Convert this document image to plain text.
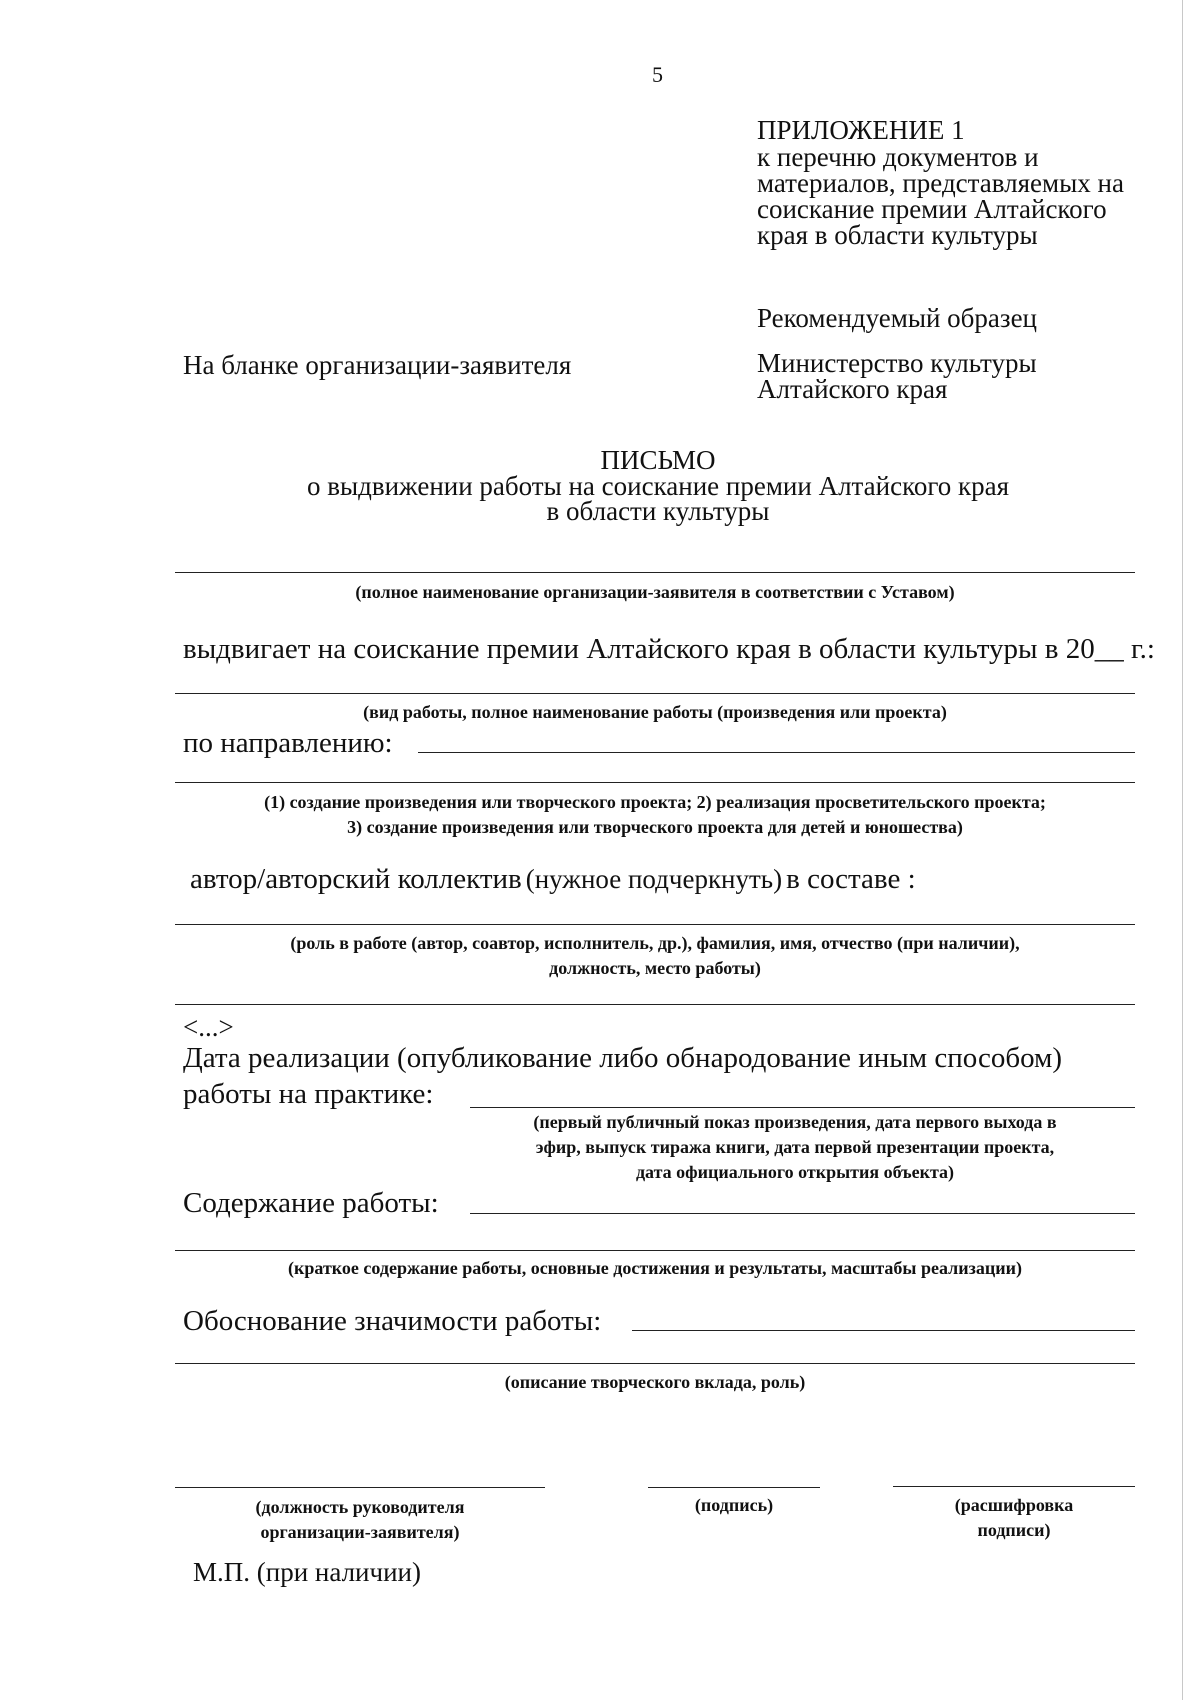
5
ПРИЛОЖЕНИЕ 1
к перечню документов и
материалов, представляемых на
соискание премии Алтайского
края в области культуры
Рекомендуемый образец
На бланке организации-заявителя	Министерство культуры
Алтайского края
ПИСЬМО
о выдвижении работы на соискание премии Алтайского края
в области культуры
(полное наименование организации-заявителя в соответствии с Уставом)
выдвигает на соискание премии Алтайского края в области культуры в 20__ г.:
(вид работы, полное наименование работы (произведения или проекта)
по направлению:
(1) создание произведения или творческого проекта; 2) реализация просветительского проекта;
3) создание произведения или творческого проекта для детей и юношества)
автор/авторский коллектив (нужное подчеркнуть) в составе :
(роль в работе (автор, соавтор, исполнитель, др.), фамилия, имя, отчество (при наличии),
должность, место работы)
<...>
Дата реализации (опубликование либо обнародование иным способом)
работы на практике:
(первый публичный показ произведения, дата первого выхода в
эфир, выпуск тиража книги, дата первой презентации проекта,
дата официального открытия объекта)
Содержание работы:
(краткое содержание работы, основные достижения и результаты, масштабы реализации)
Обоснование значимости работы:
(описание творческого вклада, роль)
(должность руководителя
организации-заявителя)
(подпись)	(расшифровка
подписи)
М.П. (при наличии)
